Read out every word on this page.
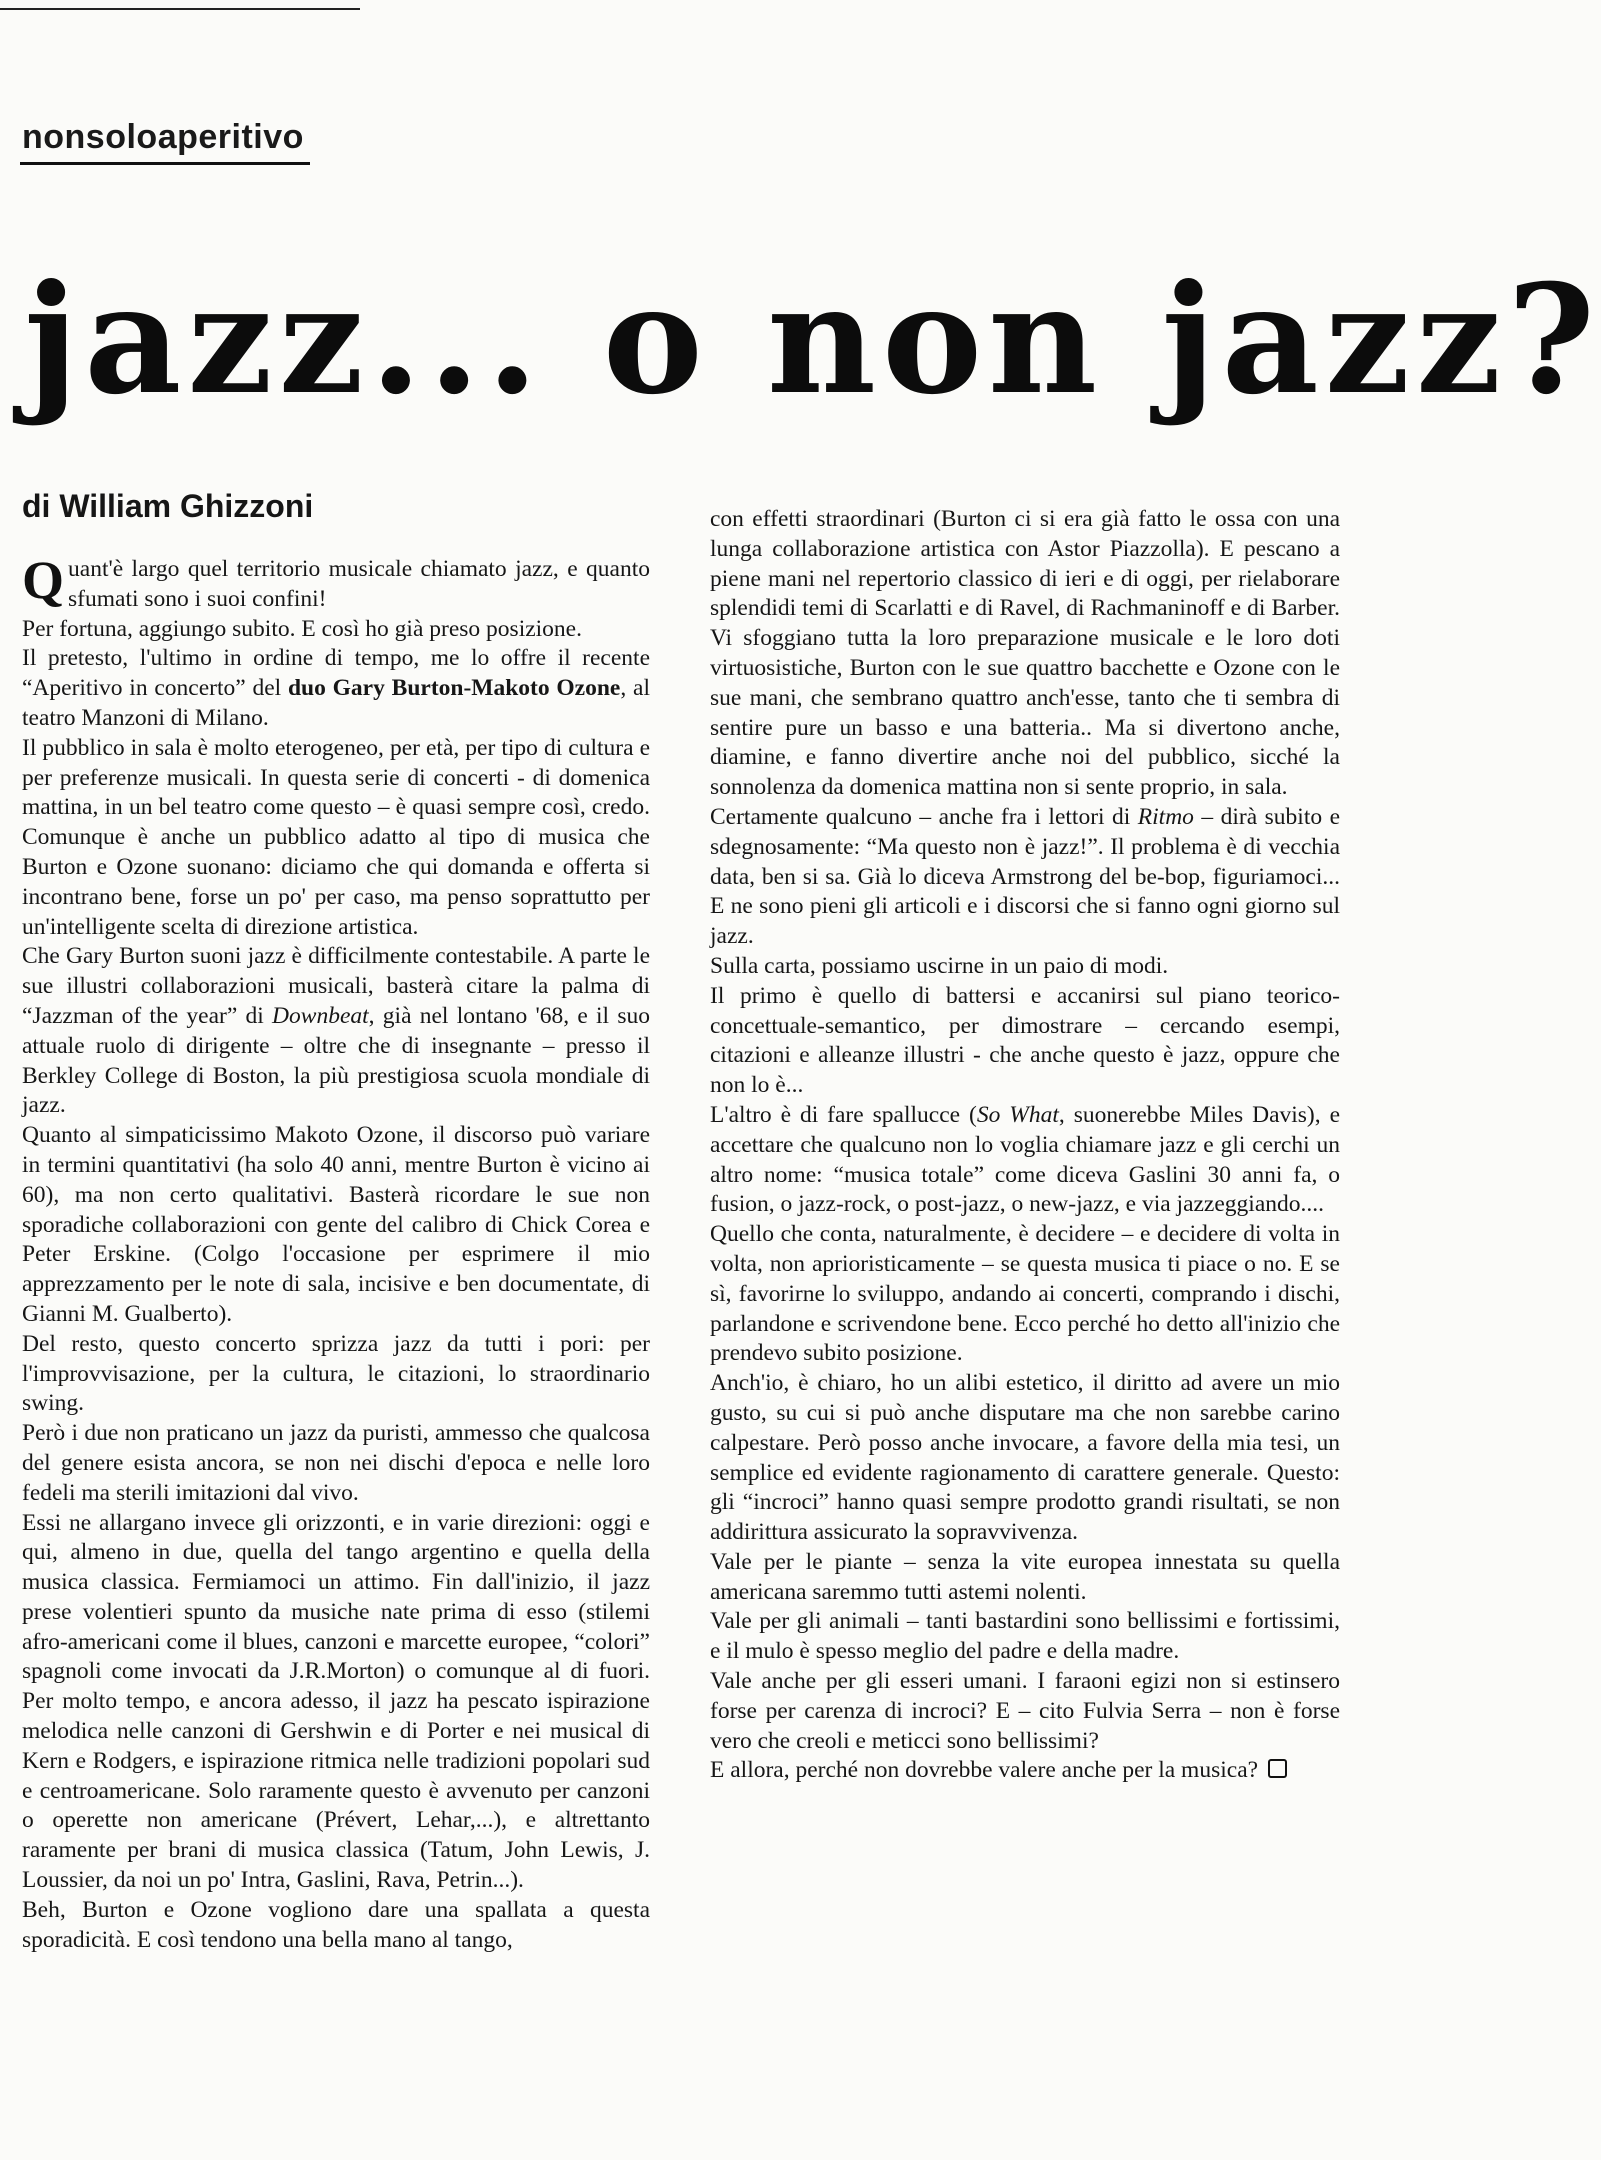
nonsoloaperitivo
jazz... o non jazz?
di William Ghizzoni

Quant'è largo quel territorio musicale chiamato jazz, e quanto sfumati sono i suoi confini!

Per fortuna, aggiungo subito. E così ho già preso posizione.

Il pretesto, l'ultimo in ordine di tempo, me lo offre il recente “Aperitivo in concerto” del duo Gary Burton-Makoto Ozone, al teatro Manzoni di Milano.

Il pubblico in sala è molto eterogeneo, per età, per tipo di cultura e per preferenze musicali. In questa serie di concerti - di domenica mattina, in un bel teatro come questo – è quasi sempre così, credo. Comunque è anche un pubblico adatto al tipo di musica che Burton e Ozone suonano: diciamo che qui domanda e offerta si incontrano bene, forse un po' per caso, ma penso soprattutto per un'intelligente scelta di direzione artistica.

Che Gary Burton suoni jazz è difficilmente contestabile. A parte le sue illustri collaborazioni musicali, basterà citare la palma di “Jazzman of the year” di Downbeat, già nel lontano '68, e il suo attuale ruolo di dirigente – oltre che di insegnante – presso il Berkley College di Boston, la più prestigiosa scuola mondiale di jazz.

Quanto al simpaticissimo Makoto Ozone, il discorso può variare in termini quantitativi (ha solo 40 anni, mentre Burton è vicino ai 60), ma non certo qualitativi. Basterà ricordare le sue non sporadiche collaborazioni con gente del calibro di Chick Corea e Peter Erskine. (Colgo l'occasione per esprimere il mio apprezzamento per le note di sala, incisive e ben documentate, di Gianni M. Gualberto).

Del resto, questo concerto sprizza jazz da tutti i pori: per l'improvvisazione, per la cultura, le citazioni, lo straordinario swing.

Però i due non praticano un jazz da puristi, ammesso che qualcosa del genere esista ancora, se non nei dischi d'epoca e nelle loro fedeli ma sterili imitazioni dal vivo.

Essi ne allargano invece gli orizzonti, e in varie direzioni: oggi e qui, almeno in due, quella del tango argentino e quella della musica classica. Fermiamoci un attimo. Fin dall'inizio, il jazz prese volentieri spunto da musiche nate prima di esso (stilemi afro-americani come il blues, canzoni e marcette europee, “colori” spagnoli come invocati da J.R.Morton) o comunque al di fuori. Per molto tempo, e ancora adesso, il jazz ha pescato ispirazione melodica nelle canzoni di Gershwin e di Porter e nei musical di Kern e Rodgers, e ispirazione ritmica nelle tradizioni popolari sud e centroamericane. Solo raramente questo è avvenuto per canzoni o operette non americane (Prévert, Lehar,...), e altrettanto raramente per brani di musica classica (Tatum, John Lewis, J. Loussier, da noi un po' Intra, Gaslini, Rava, Petrin...).

Beh, Burton e Ozone vogliono dare una spallata a questa sporadicità. E così tendono una bella mano al tango,

con effetti straordinari (Burton ci si era già fatto le ossa con una lunga collaborazione artistica con Astor Piazzolla). E pescano a piene mani nel repertorio classico di ieri e di oggi, per rielaborare splendidi temi di Scarlatti e di Ravel, di Rachmaninoff e di Barber. Vi sfoggiano tutta la loro preparazione musicale e le loro doti virtuosistiche, Burton con le sue quattro bacchette e Ozone con le sue mani, che sembrano quattro anch'esse, tanto che ti sembra di sentire pure un basso e una batteria.. Ma si divertono anche, diamine, e fanno divertire anche noi del pubblico, sicché la sonnolenza da domenica mattina non si sente proprio, in sala.

Certamente qualcuno – anche fra i lettori di Ritmo – dirà subito e sdegnosamente: “Ma questo non è jazz!”. Il problema è di vecchia data, ben si sa. Già lo diceva Armstrong del be-bop, figuriamoci... E ne sono pieni gli articoli e i discorsi che si fanno ogni giorno sul jazz.

Sulla carta, possiamo uscirne in un paio di modi.

Il primo è quello di battersi e accanirsi sul piano teorico-concettuale-semantico, per dimostrare – cercando esempi, citazioni e alleanze illustri - che anche questo è jazz, oppure che non lo è...

L'altro è di fare spallucce (So What, suonerebbe Miles Davis), e accettare che qualcuno non lo voglia chiamare jazz e gli cerchi un altro nome: “musica totale” come diceva Gaslini 30 anni fa, o fusion, o jazz-rock, o post-jazz, o new-jazz, e via jazzeggiando....

Quello che conta, naturalmente, è decidere – e decidere di volta in volta, non aprioristicamente – se questa musica ti piace o no. E se sì, favorirne lo sviluppo, andando ai concerti, comprando i dischi, parlandone e scrivendone bene. Ecco perché ho detto all'inizio che prendevo subito posizione.

Anch'io, è chiaro, ho un alibi estetico, il diritto ad avere un mio gusto, su cui si può anche disputare ma che non sarebbe carino calpestare. Però posso anche invocare, a favore della mia tesi, un semplice ed evidente ragionamento di carattere generale. Questo: gli “incroci” hanno quasi sempre prodotto grandi risultati, se non addirittura assicurato la sopravvivenza.

Vale per le piante – senza la vite europea innestata su quella americana saremmo tutti astemi nolenti.

Vale per gli animali – tanti bastardini sono bellissimi e fortissimi, e il mulo è spesso meglio del padre e della madre.

Vale anche per gli esseri umani. I faraoni egizi non si estinsero forse per carenza di incroci? E – cito Fulvia Serra – non è forse vero che creoli e meticci sono bellissimi?

E allora, perché non dovrebbe valere anche per la musica?
